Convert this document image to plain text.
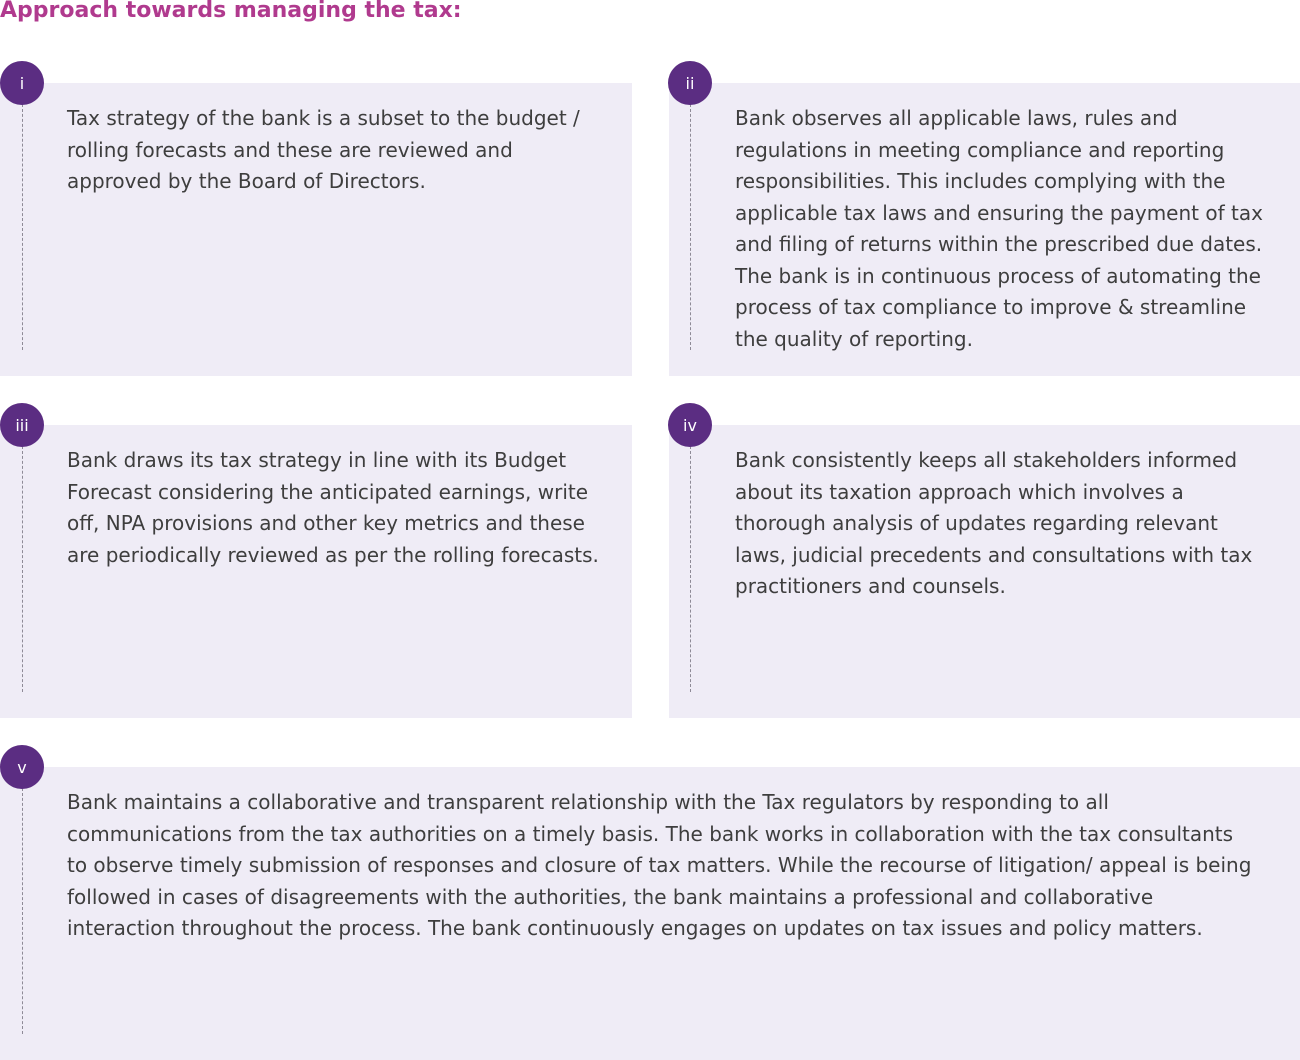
Approach towards managing the tax:
i
Tax strategy of the bank is a subset to the budget / rolling forecasts and these are reviewed and approved by the Board of Directors.
ii
Bank observes all applicable laws, rules and regulations in meeting compliance and reporting responsibilities. This includes complying with the applicable tax laws and ensuring the payment of tax and filing of returns within the prescribed due dates. The bank is in continuous process of automating the process of tax compliance to improve & streamline the quality of reporting.
iii
Bank draws its tax strategy in line with its Budget Forecast considering the anticipated earnings, write off, NPA provisions and other key metrics and these are periodically reviewed as per the rolling forecasts.
iv
Bank consistently keeps all stakeholders informed about its taxation approach which involves a thorough analysis of updates regarding relevant laws, judicial precedents and consultations with tax practitioners and counsels.
v
Bank maintains a collaborative and transparent relationship with the Tax regulators by responding to all communications from the tax authorities on a timely basis. The bank works in collaboration with the tax consultants to observe timely submission of responses and closure of tax matters. While the recourse of litigation/ appeal is being followed in cases of disagreements with the authorities, the bank maintains a professional and collaborative interaction throughout the process. The bank continuously engages on updates on tax issues and policy matters.
